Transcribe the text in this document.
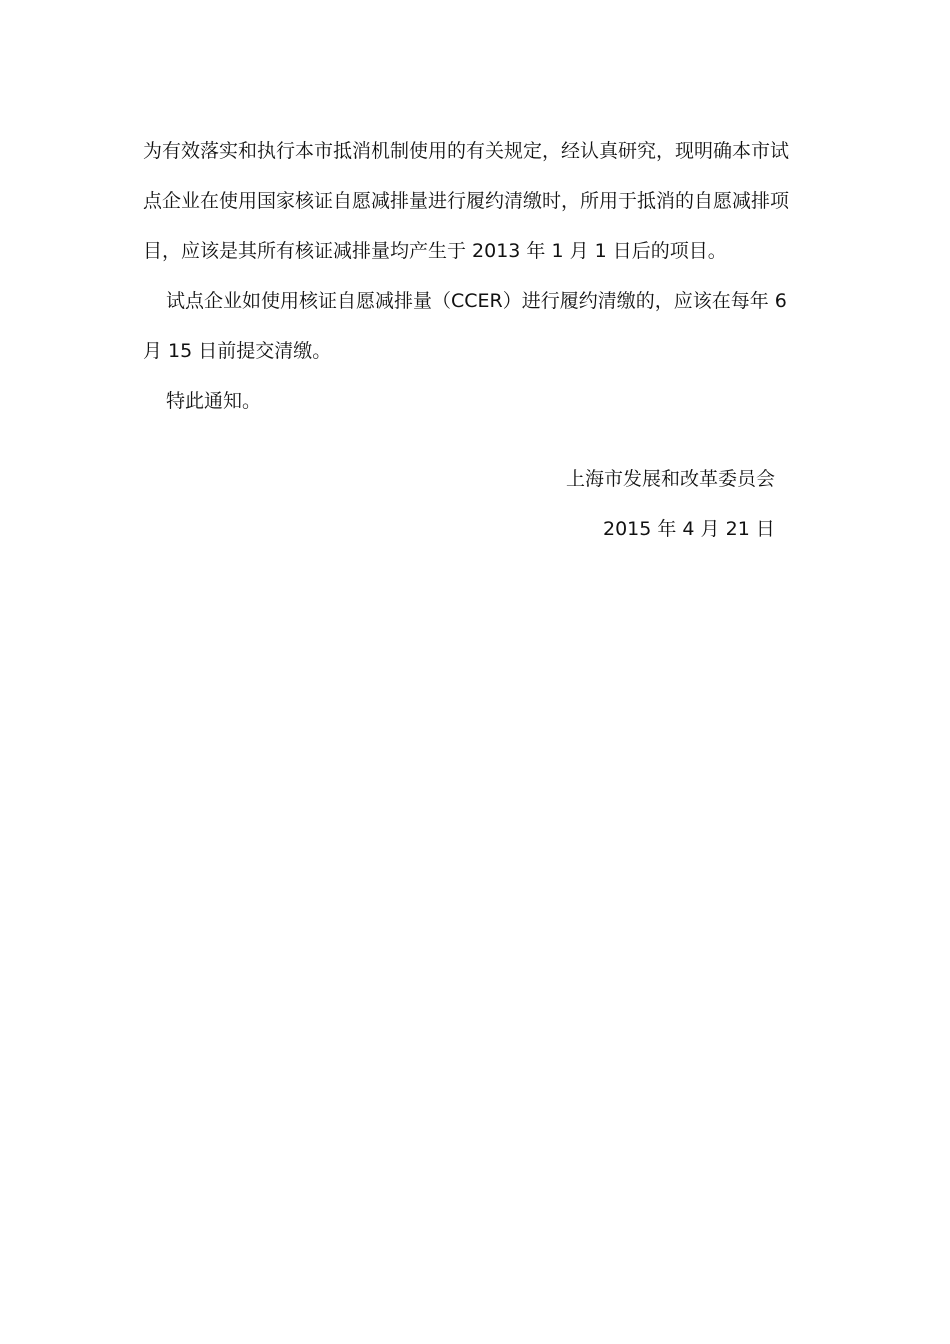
为有效落实和执行本市抵消机制使用的有关规定，经认真研究，现明确本市试
点企业在使用国家核证自愿减排量进行履约清缴时，所用于抵消的自愿减排项
目，应该是其所有核证减排量均产生于 2013 年 1 月 1 日后的项目。
试点企业如使用核证自愿减排量（CCER）进行履约清缴的，应该在每年 6
月 15 日前提交清缴。
特此通知。
上海市发展和改革委员会
2015 年 4 月 21 日
